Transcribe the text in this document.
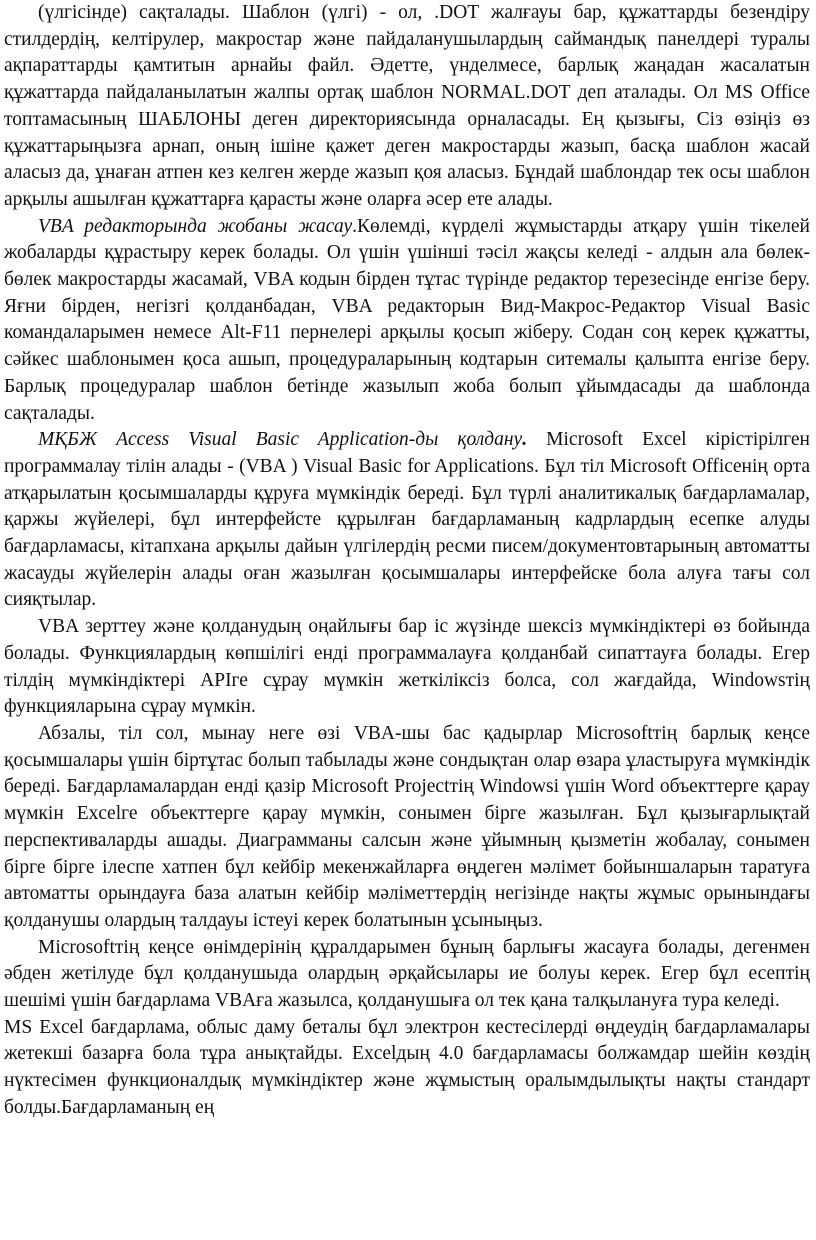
(үлгісінде) сақталады. Шаблон (үлгі) - ол, .DOT жалғауы бар, құжаттарды безендіру стилдердің, келтірулер, макростар және пайдаланушылардың саймандық панелдері туралы ақпараттарды қамтитын арнайы файл. Әдетте, үнделмесе, барлық жаңадан жасалатын құжаттарда пайдаланылатын жалпы ортақ шаблон NORMAL.DOT деп аталады. Ол MS Office топтамасының ШАБЛОНЫ деген директориясында орналасады. Ең қызығы, Сіз өзіңіз өз құжаттарыңызға арнап, оның ішіне қажет деген макростарды жазып, басқа шаблон жасай аласыз да, ұнаған атпен кез келген жерде жазып қоя аласыз. Бұндай шаблондар тек осы шаблон арқылы ашылған құжаттарға қарасты және оларға әсер ете алады.

VBA редакторында жобаны жасау.Көлемді, күрделі жұмыстарды атқару үшін тікелей жобаларды құрастыру керек болады. Ол үшін үшінші тәсіл жақсы келеді - алдын ала бөлек-бөлек макростарды жасамай, VBA кодын бірден тұтас түрінде редактор терезесінде енгізе беру. Яғни бірден, негізгі қолданбадан, VBA редакторын Вид-Макрос-Редактор Visual Basic командаларымен немесе Alt-F11 пернелері арқылы қосып жіберу. Содан соң керек құжатты, сәйкес шаблонымен қоса ашып, процедураларының кодтарын ситемалы қалыпта енгізе беру. Барлық процедуралар шаблон бетінде жазылып жоба болып ұйымдасады да шаблонда сақталады.

МҚБЖ Access Visual Basic Application-ды қолдану. Microsoft Excel кірістірілген программалау тілін алады - (VBA ) Visual Basic for Applications. Бұл тіл Microsoft Officeнің орта атқарылатын қосымшаларды құруға мүмкіндік береді. Бұл түрлі аналитикалық бағдарламалар, қаржы жүйелері, бұл интерфейсте құрылған бағдарламаның кадрлардың есепке алуды бағдарламасы, кітапхана арқылы дайын үлгілердің ресми писем/документовтарының автоматты жасауды жүйелерін алады оған жазылған қосымшалары интерфейске бола алуға тағы сол сияқтылар.

VBA зерттеу және қолданудың оңайлығы бар іс жүзінде шексіз мүмкіндіктері өз бойында болады. Функциялардың көпшілігі енді программалауға қолданбай сипаттауға болады. Егер тілдің мүмкіндіктері APIге сұрау мүмкін жеткіліксіз болса, сол жағдайда, Windowsтің функцияларына сұрау мүмкін.

Абзалы, тіл сол, мынау неге өзі VBA-шы бас қадырлар Microsoftтің барлық кеңсе қосымшалары үшін біртұтас болып табылады және сондықтан олар өзара ұластыруға мүмкіндік береді. Бағдарламалардан енді қазір Microsoft Projectтің Windowsi үшін Word объекттерге қарау мүмкін Excelге объекттерге қарау мүмкін, сонымен бірге жазылған. Бұл қызығарлықтай перспективаларды ашады. Диаграмманы салсын және ұйымның қызметін жобалау, сонымен бірге бірге ілеспе хатпен бұл кейбір мекенжайларға өңдеген мәлімет бойыншаларын таратуға автоматты орындауға база алатын кейбір мәліметтердің негізінде нақты жұмыс орынындағы қолданушы олардың талдауы істеуі керек болатынын ұсыныңыз.

Microsoftтің кеңсе өнімдерінің құралдарымен бұның барлығы жасауға болады, дегенмен әбден жетілуде бұл қолданушыда олардың әрқайсылары ие болуы керек. Егер бұл есептің шешімі үшін бағдарлама VBAға жазылса, қолданушыға ол тек қана талқылануға тура келеді.

MS Excel бағдарлама, облыс даму беталы бұл электрон кестесілерді өңдеудің бағдарламалары жетекші базарға бола тұра анықтайды. Excelдың 4.0 бағдарламасы болжамдар шейін көздің нүктесімен функционалдық мүмкіндіктер және жұмыстың оралымдылықты нақты стандарт болды.Бағдарламаның ең
